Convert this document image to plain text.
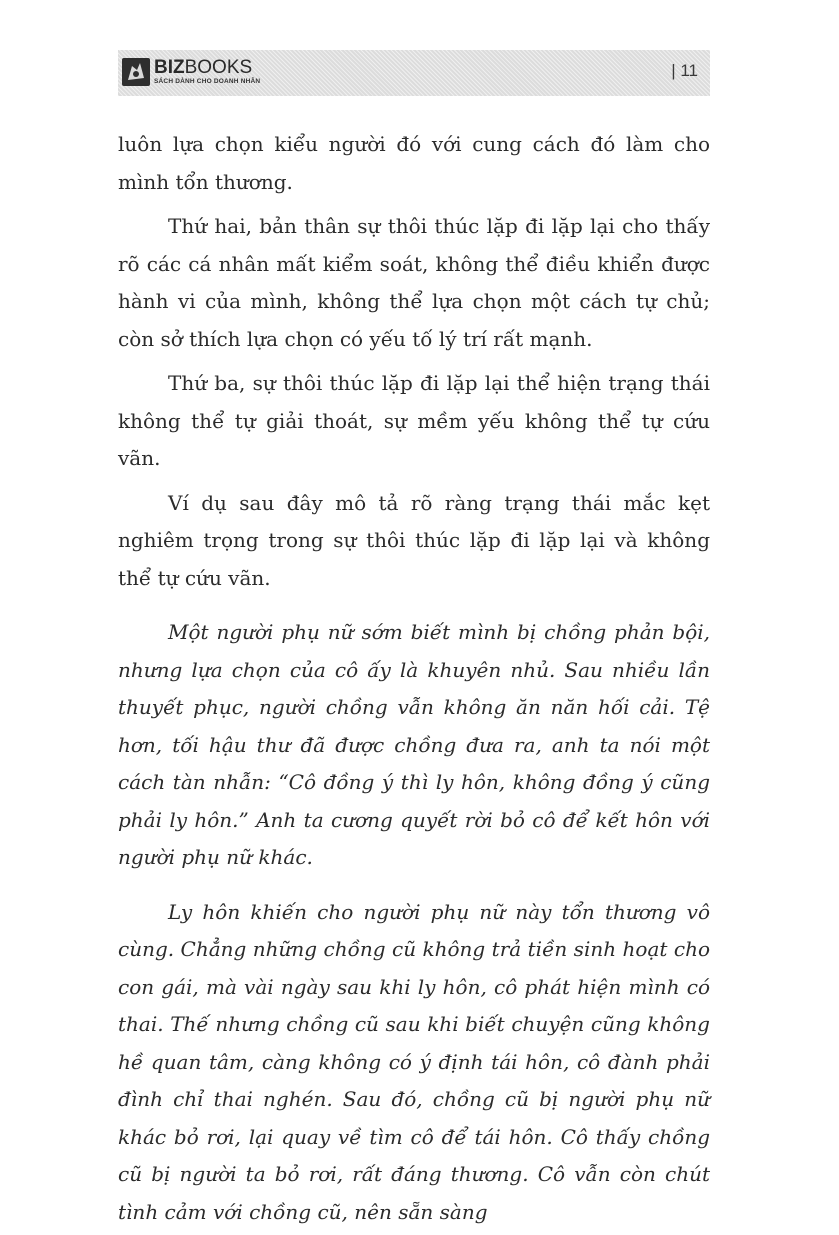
BIZBOOKS
SÁCH DÀNH CHO DOANH NHÂN
| 11

luôn lựa chọn kiểu người đó với cung cách đó làm cho mình tổn thương.

Thứ hai, bản thân sự thôi thúc lặp đi lặp lại cho thấy rõ các cá nhân mất kiểm soát, không thể điều khiển được hành vi của mình, không thể lựa chọn một cách tự chủ; còn sở thích lựa chọn có yếu tố lý trí rất mạnh.

Thứ ba, sự thôi thúc lặp đi lặp lại thể hiện trạng thái không thể tự giải thoát, sự mềm yếu không thể tự cứu vãn.

Ví dụ sau đây mô tả rõ ràng trạng thái mắc kẹt nghiêm trọng trong sự thôi thúc lặp đi lặp lại và không thể tự cứu vãn.

Một người phụ nữ sớm biết mình bị chồng phản bội, nhưng lựa chọn của cô ấy là khuyên nhủ. Sau nhiều lần thuyết phục, người chồng vẫn không ăn năn hối cải. Tệ hơn, tối hậu thư đã được chồng đưa ra, anh ta nói một cách tàn nhẫn: “Cô đồng ý thì ly hôn, không đồng ý cũng phải ly hôn.” Anh ta cương quyết rời bỏ cô để kết hôn với người phụ nữ khác.

Ly hôn khiến cho người phụ nữ này tổn thương vô cùng. Chẳng những chồng cũ không trả tiền sinh hoạt cho con gái, mà vài ngày sau khi ly hôn, cô phát hiện mình có thai. Thế nhưng chồng cũ sau khi biết chuyện cũng không hề quan tâm, càng không có ý định tái hôn, cô đành phải đình chỉ thai nghén. Sau đó, chồng cũ bị người phụ nữ khác bỏ rơi, lại quay về tìm cô để tái hôn. Cô thấy chồng cũ bị người ta bỏ rơi, rất đáng thương. Cô vẫn còn chút tình cảm với chồng cũ, nên sẵn sàng
